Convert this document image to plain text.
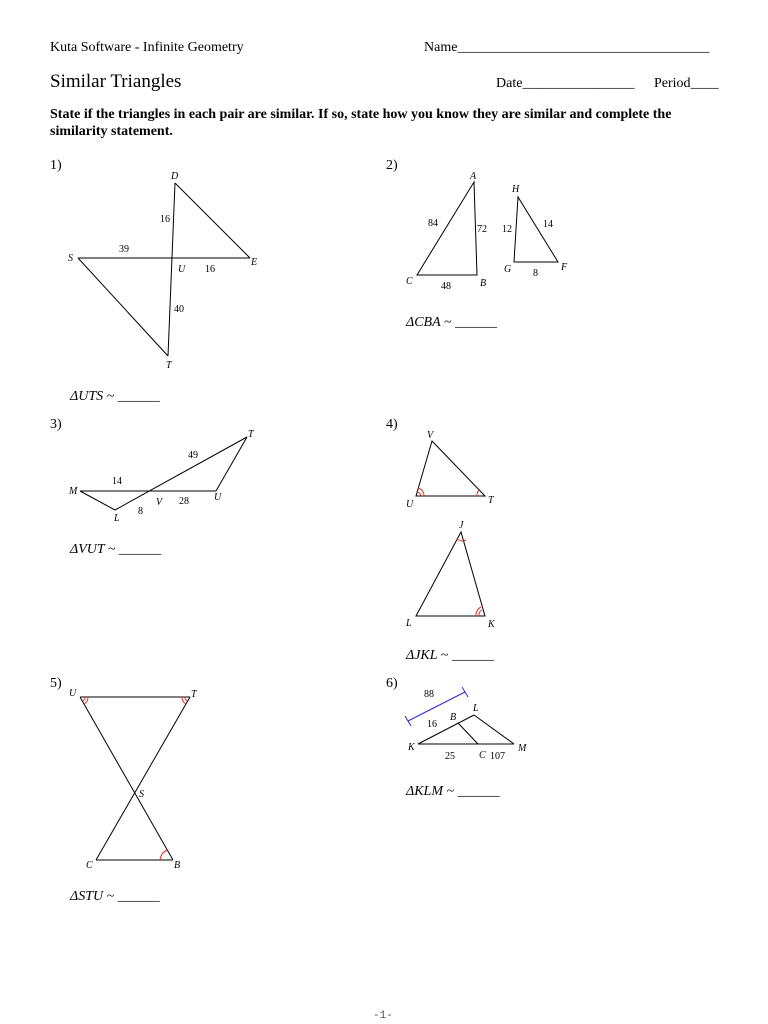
Kuta Software - Infinite Geometry	Name____________________________________
Similar Triangles	Date________________ Period____
State if the triangles in each pair are similar. If so, state how you know they are similar and complete the similarity statement.
1)	2)
3)	4)
5)	6)
ΔUTS ~ ______
ΔCBA ~ ______
ΔVUT ~ ______
ΔJKL ~ ______
ΔSTU ~ ______
ΔKLM ~ ______
D
S
U
E
T
16
39
16
40
A
C	B
H
G	F
84
72
48
12	14
8
T
M
L
V	U
49
14
8
28
V
U	T
J
L	K
U	T
S
C	B
L
B
K
C
M
88
16
25	107
-1-
